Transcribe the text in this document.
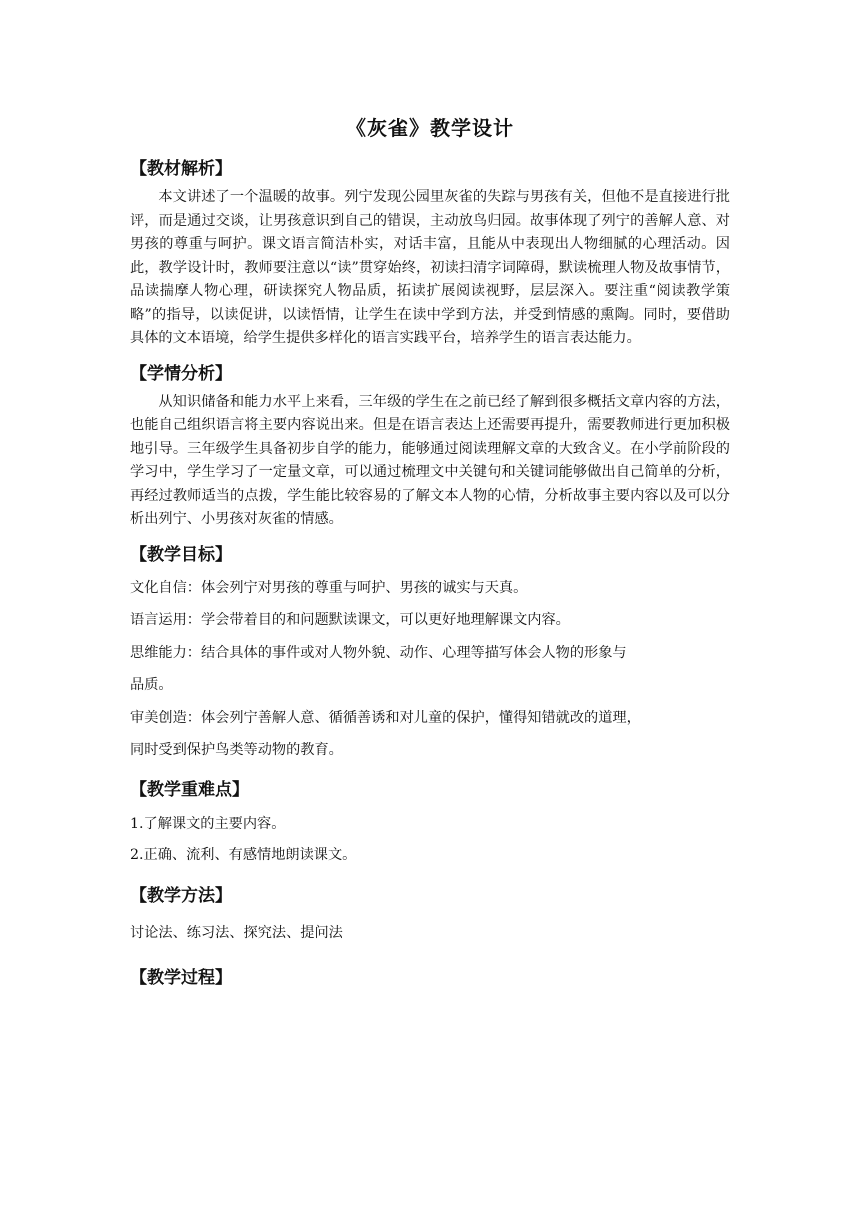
《灰雀》教学设计
【教材解析】

本文讲述了一个温暖的故事。列宁发现公园里灰雀的失踪与男孩有关，但他不是直接进行批评，而是通过交谈，让男孩意识到自己的错误，主动放鸟归园。故事体现了列宁的善解人意、对男孩的尊重与呵护。课文语言简洁朴实，对话丰富，且能从中表现出人物细腻的心理活动。因此，教学设计时，教师要注意以“读”贯穿始终，初读扫清字词障碍，默读梳理人物及故事情节，品读揣摩人物心理，研读探究人物品质，拓读扩展阅读视野，层层深入。要注重“阅读教学策略”的指导，以读促讲，以读悟情，让学生在读中学到方法，并受到情感的熏陶。同时，要借助具体的文本语境，给学生提供多样化的语言实践平台，培养学生的语言表达能力。

【学情分析】

从知识储备和能力水平上来看，三年级的学生在之前已经了解到很多概括文章内容的方法，也能自己组织语言将主要内容说出来。但是在语言表达上还需要再提升，需要教师进行更加积极地引导。三年级学生具备初步自学的能力，能够通过阅读理解文章的大致含义。在小学前阶段的学习中，学生学习了一定量文章，可以通过梳理文中关键句和关键词能够做出自己简单的分析，再经过教师适当的点拨，学生能比较容易的了解文本人物的心情，分析故事主要内容以及可以分析出列宁、小男孩对灰雀的情感。

【教学目标】

文化自信：体会列宁对男孩的尊重与呵护、男孩的诚实与天真。

语言运用：学会带着目的和问题默读课文，可以更好地理解课文内容。

思维能力：结合具体的事件或对人物外貌、动作、心理等描写体会人物的形象与

品质。

审美创造：体会列宁善解人意、循循善诱和对儿童的保护，懂得知错就改的道理，

同时受到保护鸟类等动物的教育。

【教学重难点】

1.了解课文的主要内容。

2.正确、流利、有感情地朗读课文。

【教学方法】

讨论法、练习法、探究法、提问法

【教学过程】
